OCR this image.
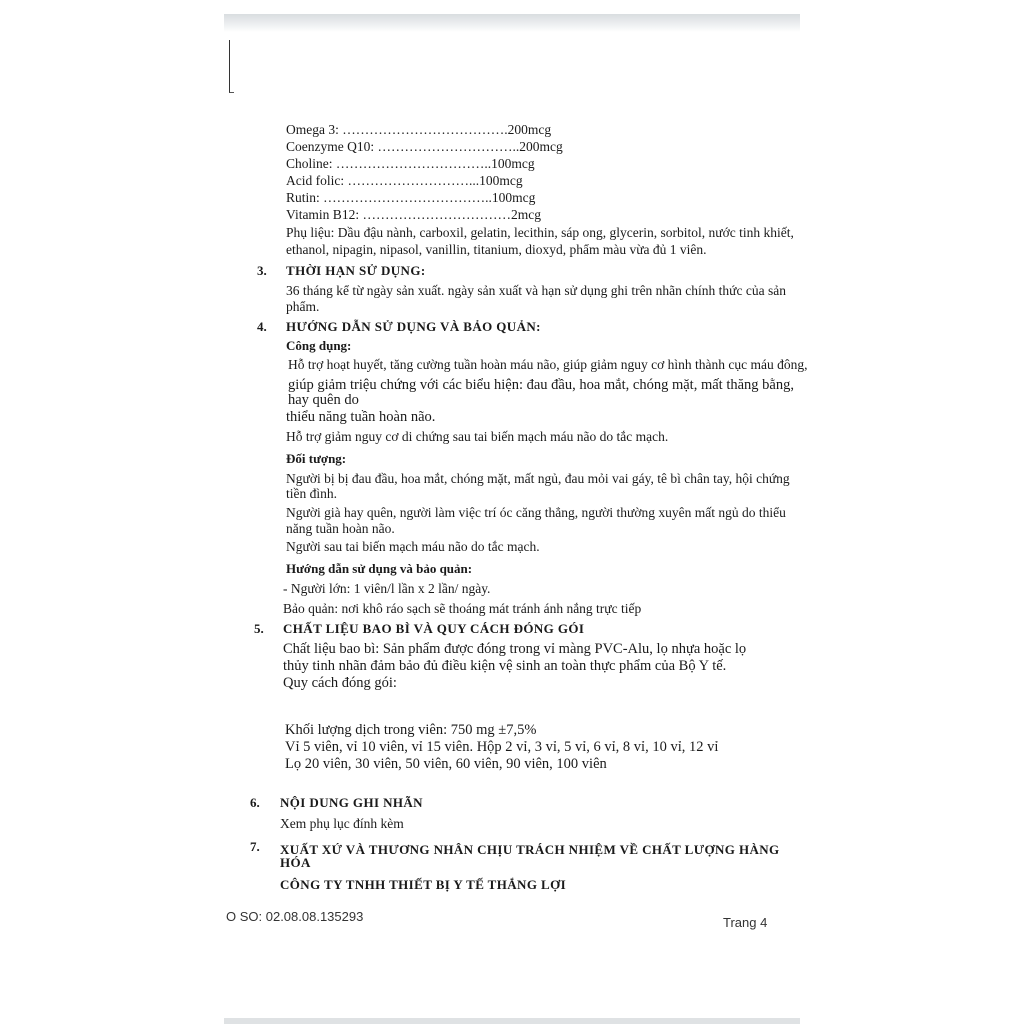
Omega 3: ……………………………….200mcg
Coenzyme Q10: …………………………..200mcg
Choline: ……………………………..100mcg
Acid folic: ………………………...100mcg
Rutin: ………………………………..100mcg
Vitamin B12: ……………………………2mcg
Phụ liệu: Dầu đậu nành, carboxil, gelatin, lecithin, sáp ong, glycerin, sorbitol, nước tinh khiết,
ethanol, nipagin, nipasol, vanillin, titanium, dioxyd, phẩm màu vừa đủ 1 viên.
3. THỜI HẠN SỬ DỤNG:
36 tháng kể từ ngày sản xuất. ngày sản xuất và hạn sử dụng ghi trên nhãn chính thức của sản
phẩm.
4. HƯỚNG DẪN SỬ DỤNG VÀ BẢO QUẢN:
Công dụng:
Hỗ trợ hoạt huyết, tăng cường tuần hoàn máu não, giúp giảm nguy cơ hình thành cục máu đông,
giúp giảm triệu chứng với các biểu hiện: đau đầu, hoa mắt, chóng mặt, mất thăng bằng,
hay quên do
thiểu năng tuần hoàn não.
Hỗ trợ giảm nguy cơ di chứng sau tai biến mạch máu não do tắc mạch.
Đối tượng:
Người bị bị đau đầu, hoa mắt, chóng mặt, mất ngủ, đau mỏi vai gáy, tê bì chân tay, hội chứng
tiền đình.
Người già hay quên, người làm việc trí óc căng thẳng, người thường xuyên mất ngủ do thiểu
năng tuần hoàn não.
Người sau tai biến mạch máu não do tắc mạch.
Hướng dẫn sử dụng và bảo quản:
- Người lớn: 1 viên/l lần x 2 lần/ ngày.
Bảo quản: nơi khô ráo sạch sẽ thoáng mát tránh ánh nắng trực tiếp
5. CHẤT LIỆU BAO BÌ VÀ QUY CÁCH ĐÓNG GÓI
Chất liệu bao bì: Sản phẩm được đóng trong vỉ màng PVC-Alu, lọ nhựa hoặc lọ
thủy tinh nhãn đảm bảo đủ điều kiện vệ sinh an toàn thực phẩm của Bộ Y tế.
Quy cách đóng gói:
Khối lượng dịch trong viên: 750 mg ±7,5%
Vỉ 5 viên, vỉ 10 viên, vỉ 15 viên. Hộp 2 vỉ, 3 vỉ, 5 vỉ, 6 vỉ, 8 vỉ, 10 vỉ, 12 vỉ
Lọ 20 viên, 30 viên, 50 viên, 60 viên, 90 viên, 100 viên
6. NỘI DUNG GHI NHÃN
Xem phụ lục đính kèm
7. XUẤT XỨ VÀ THƯƠNG NHÂN CHỊU TRÁCH NHIỆM VỀ CHẤT LƯỢNG HÀNG
HÓA
CÔNG TY TNHH THIẾT BỊ Y TẾ THẮNG LỢI
O SO: 02.08.08.135293	Trang 4
